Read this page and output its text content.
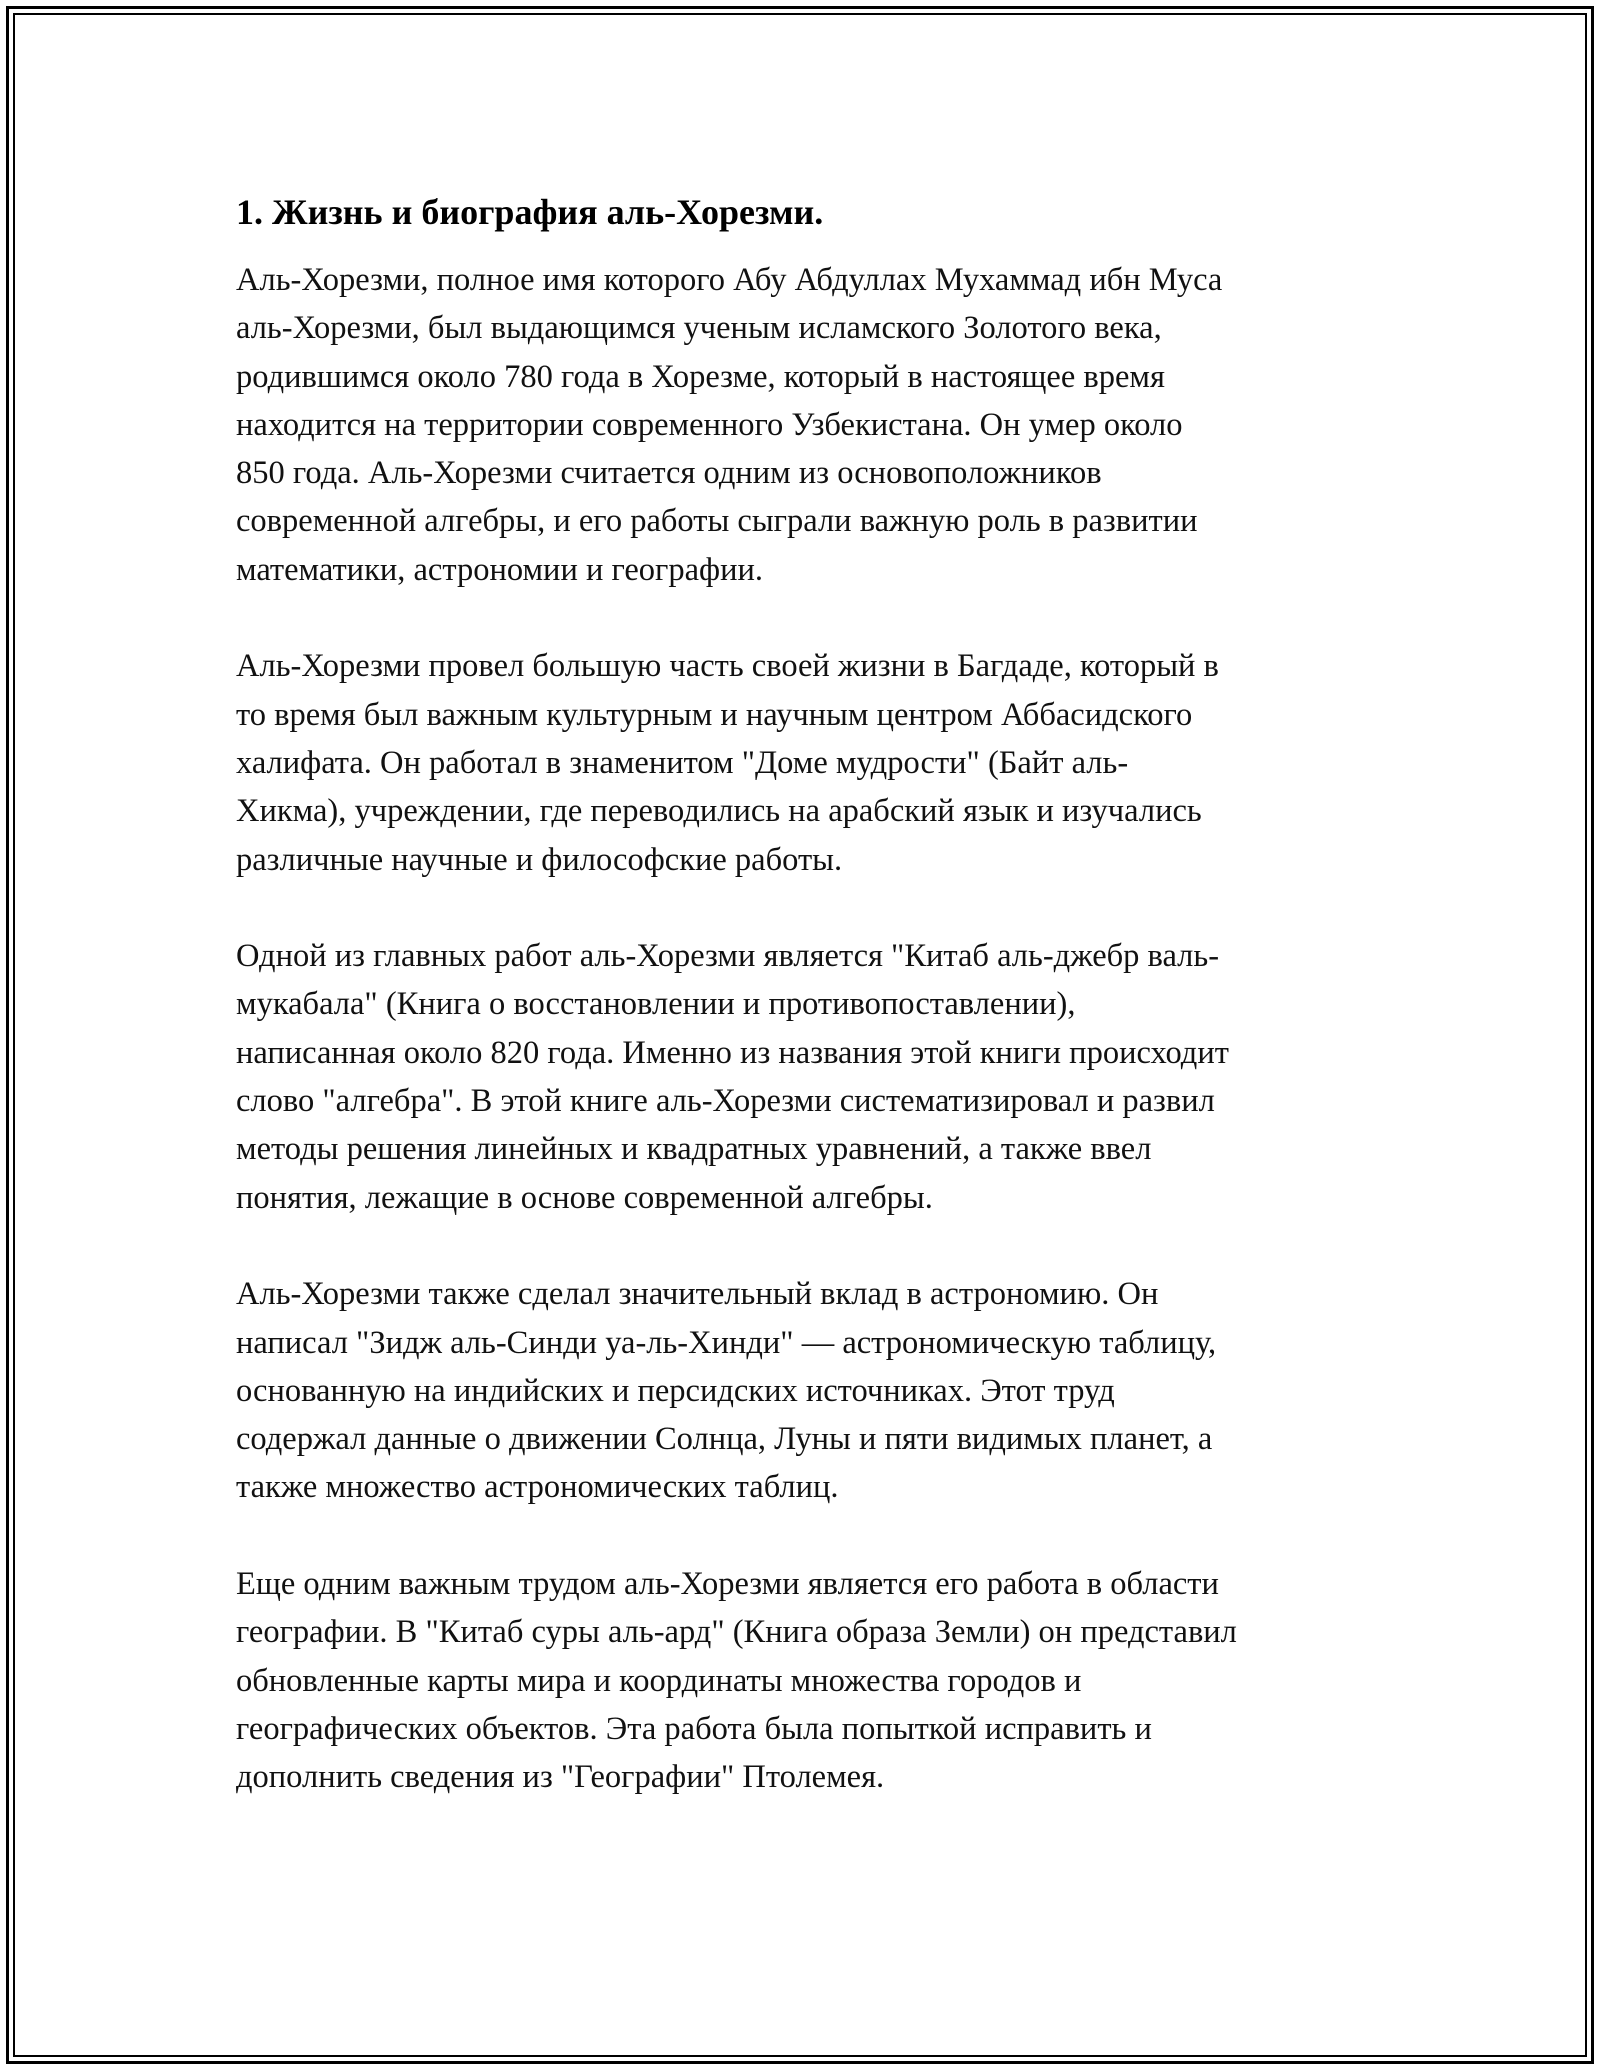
1. Жизнь и биография аль-Хорезми.
Аль-Хорезми, полное имя которого Абу Абдуллах Мухаммад ибн Муса
аль-Хорезми, был выдающимся ученым исламского Золотого века,
родившимся около 780 года в Хорезме, который в настоящее время
находится на территории современного Узбекистана. Он умер около
850 года. Аль-Хорезми считается одним из основоположников
современной алгебры, и его работы сыграли важную роль в развитии
математики, астрономии и географии.
Аль-Хорезми провел большую часть своей жизни в Багдаде, который в
то время был важным культурным и научным центром Аббасидского
халифата. Он работал в знаменитом "Доме мудрости" (Байт аль-
Хикма), учреждении, где переводились на арабский язык и изучались
различные научные и философские работы.
Одной из главных работ аль-Хорезми является "Китаб аль-джебр валь-
мукабала" (Книга о восстановлении и противопоставлении),
написанная около 820 года. Именно из названия этой книги происходит
слово "алгебра". В этой книге аль-Хорезми систематизировал и развил
методы решения линейных и квадратных уравнений, а также ввел
понятия, лежащие в основе современной алгебры.
Аль-Хорезми также сделал значительный вклад в астрономию. Он
написал "Зидж аль-Синди уа-ль-Хинди" — астрономическую таблицу,
основанную на индийских и персидских источниках. Этот труд
содержал данные о движении Солнца, Луны и пяти видимых планет, а
также множество астрономических таблиц.
Еще одним важным трудом аль-Хорезми является его работа в области
географии. В "Китаб суры аль-ард" (Книга образа Земли) он представил
обновленные карты мира и координаты множества городов и
географических объектов. Эта работа была попыткой исправить и
дополнить сведения из "Географии" Птолемея.
